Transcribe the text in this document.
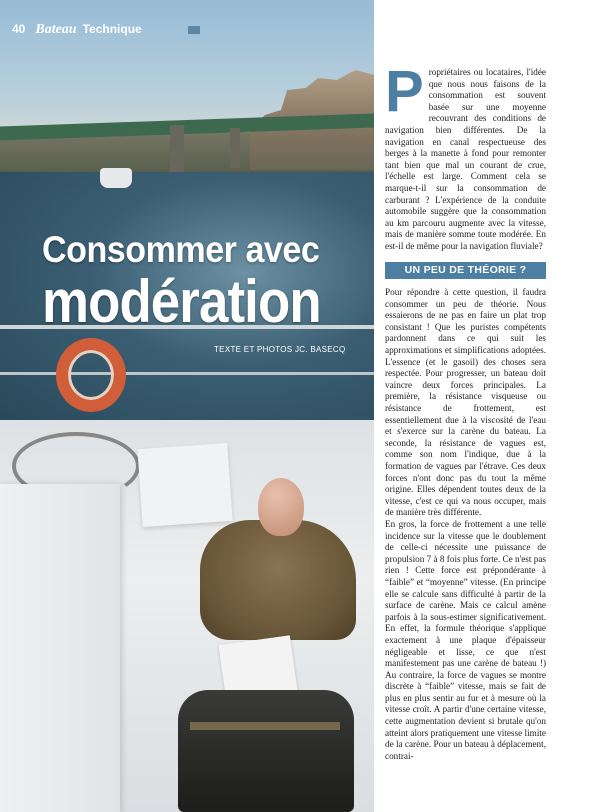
40 Bateau Technique
Consommer avec
modération
TEXTE ET PHOTOS JC. BASECQ

Propriétaires ou locataires, l'idée que nous nous faisons de la consommation est souvent basée sur une moyenne recouvrant des conditions de navigation bien différentes. De la navigation en canal respectueuse des berges à la manette à fond pour remonter tant bien que mal un courant de crue, l'échelle est large. Comment cela se marque-t-il sur la consommation de carburant ? L'expérience de la conduite automobile suggère que la consommation au km parcouru augmente avec la vitesse, mais de manière somme toute modérée. En est-il de même pour la navigation fluviale?

UN PEU DE THÉORIE ?

Pour répondre à cette question, il faudra consommer un peu de théorie. Nous essaierons de ne pas en faire un plat trop consistant ! Que les puristes compétents pardonnent dans ce qui suit les approximations et simplifications adoptées. L'essence (et le gasoil) des choses sera respectée. Pour progresser, un bateau doit vaincre deux forces principales. La première, la résistance visqueuse ou résistance de frottement, est essentiellement due à la viscosité de l'eau et s'exerce sur la carène du bateau. La seconde, la résistance de vagues est, comme son nom l'indique, due à la formation de vagues par l'étrave. Ces deux forces n'ont donc pas du tout la même origine. Elles dépendent toutes deux de la vitesse, c'est ce qui va nous occuper, mais de manière très différente.

En gros, la force de frottement a une telle incidence sur la vitesse que le doublement de celle-ci nécessite une puissance de propulsion 7 à 8 fois plus forte. Ce n'est pas rien ! Cette force est prépondérante à “faible” et “moyenne” vitesse. (En principe elle se calcule sans difficulté à partir de la surface de carène. Mais ce calcul amène parfois à la sous-estimer significativement. En effet, la formule théorique s'applique exactement à une plaque d'épaisseur négligeable et lisse, ce que n'est manifestement pas une carène de bateau !) Au contraire, la force de vagues se montre discrète à “faible” vitesse, mais se fait de plus en plus sentir au fur et à mesure où la vitesse croît. A partir d'une certaine vitesse, cette augmentation devient si brutale qu'on atteint alors pratiquement une vitesse limite de la carène. Pour un bateau à déplacement, contrai-
